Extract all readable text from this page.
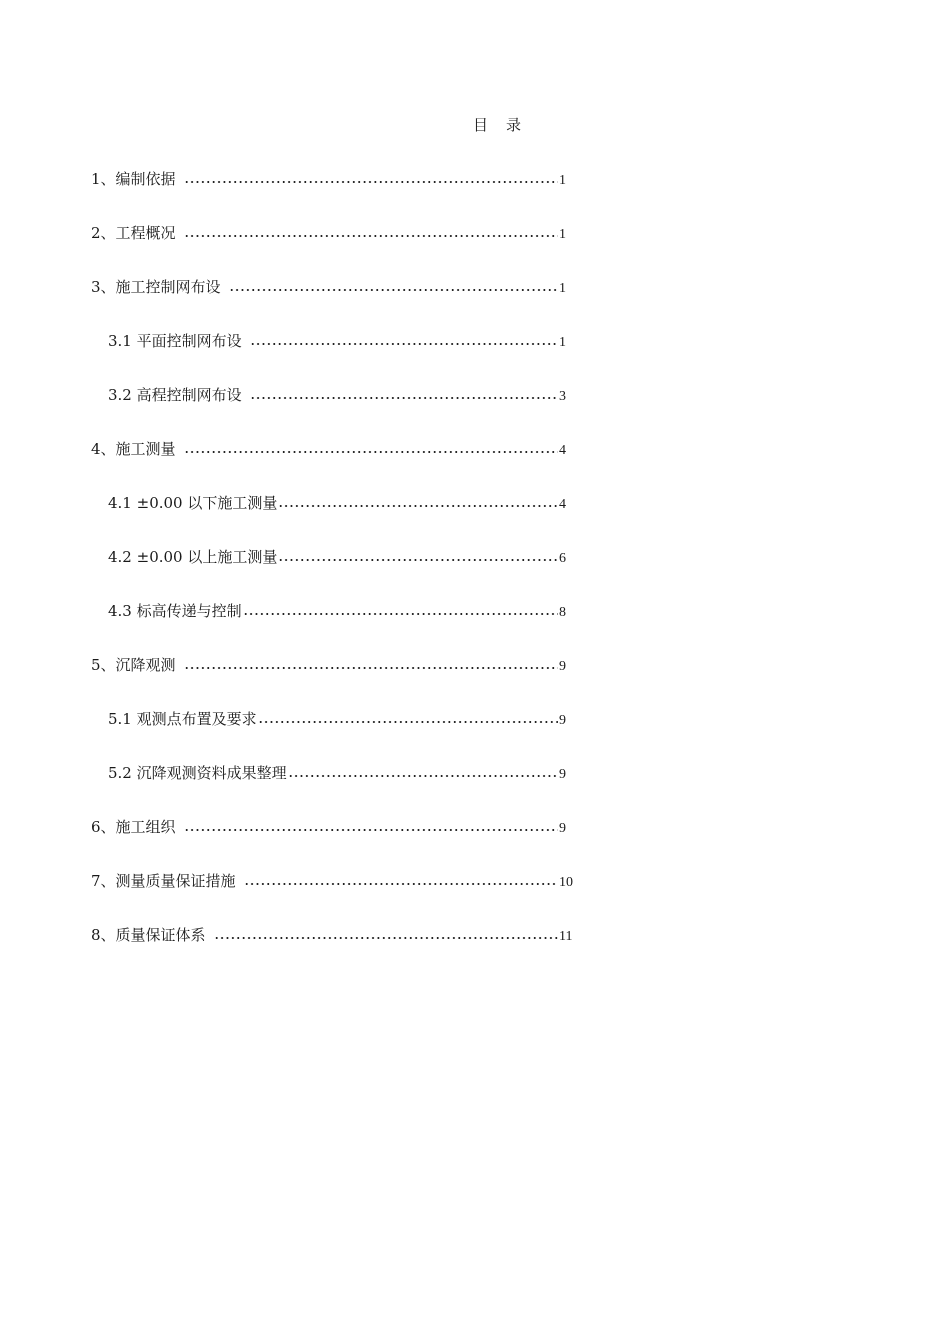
目 录
1、编制依据	1
2、工程概况	1
3、施工控制网布设	1
3.1 平面控制网布设	1
3.2 高程控制网布设	3
4、施工测量	4
4.1 ±0.00 以下施工测量	4
4.2 ±0.00 以上施工测量	6
4.3 标高传递与控制	8
5、沉降观测	9
5.1 观测点布置及要求	9
5.2 沉降观测资料成果整理	9
6、施工组织	9
7、测量质量保证措施	10
8、质量保证体系	11
